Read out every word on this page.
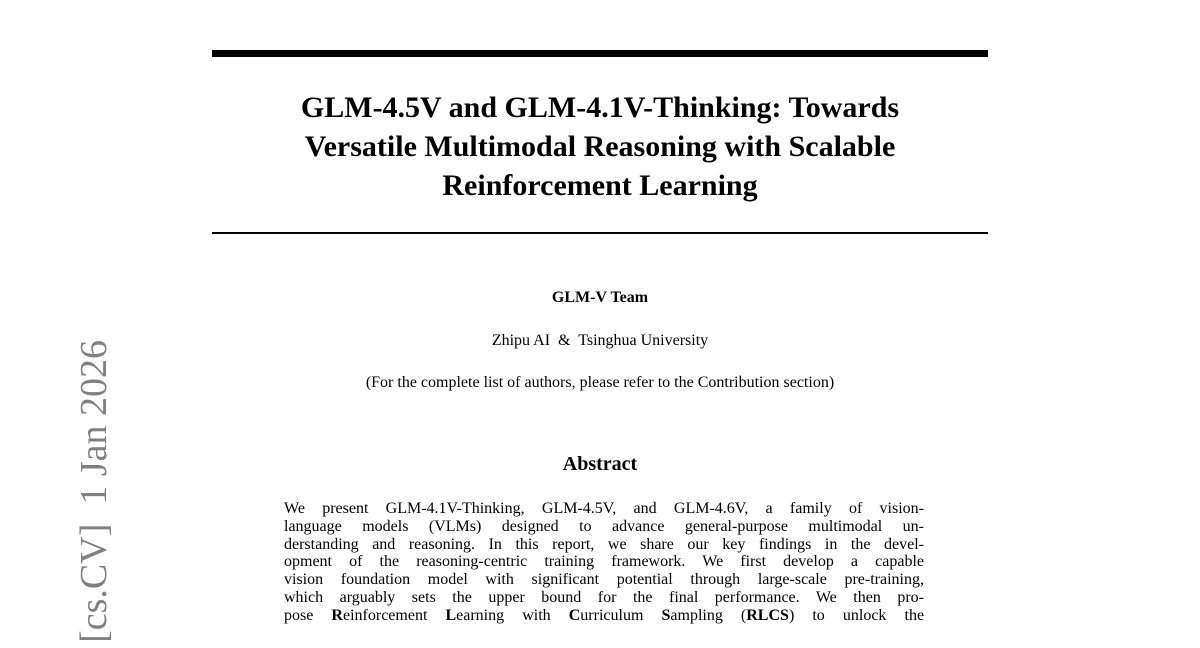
[cs.CV]  1 Jan 2026
GLM-4.5V and GLM-4.1V-Thinking: Towards
Versatile Multimodal Reasoning with Scalable
Reinforcement Learning
GLM-V Team
Zhipu AI  &  Tsinghua University
(For the complete list of authors, please refer to the Contribution section)
Abstract
We present GLM-4.1V-Thinking, GLM-4.5V, and GLM-4.6V, a family of vision-
language models (VLMs) designed to advance general-purpose multimodal un-
derstanding and reasoning. In this report, we share our key findings in the devel-
opment of the reasoning-centric training framework. We first develop a capable
vision foundation model with significant potential through large-scale pre-training,
which arguably sets the upper bound for the final performance. We then pro-
pose Reinforcement Learning with Curriculum Sampling (RLCS) to unlock the
